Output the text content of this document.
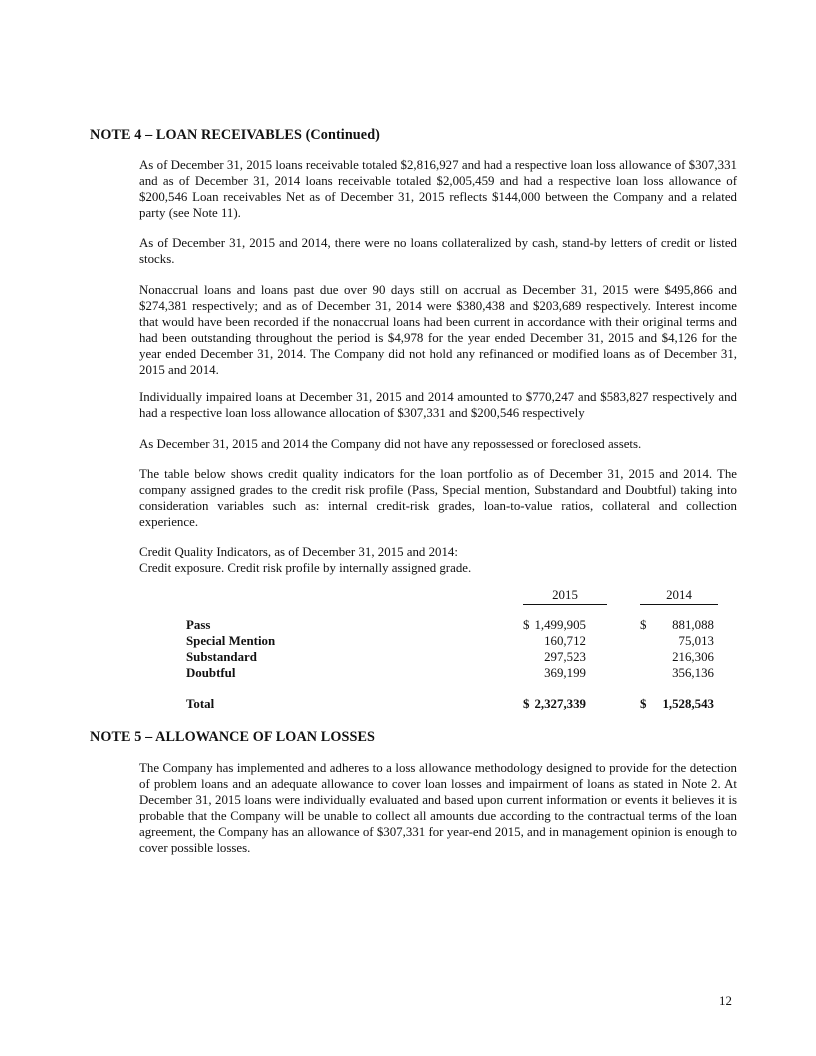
NOTE 4 – LOAN RECEIVABLES (Continued)

As of December 31, 2015 loans receivable totaled $2,816,927 and had a respective loan loss allowance of $307,331 and as of December 31, 2014 loans receivable totaled $2,005,459 and had a respective loan loss allowance of $200,546 Loan receivables Net as of December 31, 2015 reflects $144,000 between the Company and a related party (see Note 11).

As of December 31, 2015 and 2014, there were no loans collateralized by cash, stand-by letters of credit or listed stocks.

Nonaccrual loans and loans past due over 90 days still on accrual as December 31, 2015 were $495,866 and $274,381 respectively; and as of December 31, 2014 were $380,438 and $203,689 respectively. Interest income that would have been recorded if the nonaccrual loans had been current in accordance with their original terms and had been outstanding throughout the period is $4,978 for the year ended December 31, 2015 and $4,126 for the year ended December 31, 2014. The Company did not hold any refinanced or modified loans as of December 31, 2015 and 2014.

Individually impaired loans at December 31, 2015 and 2014 amounted to $770,247 and $583,827 respectively and had a respective loan loss allowance allocation of $307,331 and $200,546 respectively

As December 31, 2015 and 2014 the Company did not have any repossessed or foreclosed assets.

The table below shows credit quality indicators for the loan portfolio as of December 31, 2015 and 2014. The company assigned grades to the credit risk profile (Pass, Special mention, Substandard and Doubtful) taking into consideration variables such as: internal credit-risk grades, loan-to-value ratios, collateral and collection experience.

Credit Quality Indicators, as of December 31, 2015 and 2014:
Credit exposure. Credit risk profile by internally assigned grade.
2015	2014
Pass	$ 1,499,905	$	881,088
Special Mention	160,712	75,013
Substandard	297,523	216,306
Doubtful	369,199	356,136
Total	$ 2,327,339	$	1,528,543
NOTE 5 – ALLOWANCE OF LOAN LOSSES

The Company has implemented and adheres to a loss allowance methodology designed to provide for the detection of problem loans and an adequate allowance to cover loan losses and impairment of loans as stated in Note 2. At December 31, 2015 loans were individually evaluated and based upon current information or events it believes it is probable that the Company will be unable to collect all amounts due according to the contractual terms of the loan agreement, the Company has an allowance of $307,331 for year-end 2015, and in management opinion is enough to cover possible losses.

12
